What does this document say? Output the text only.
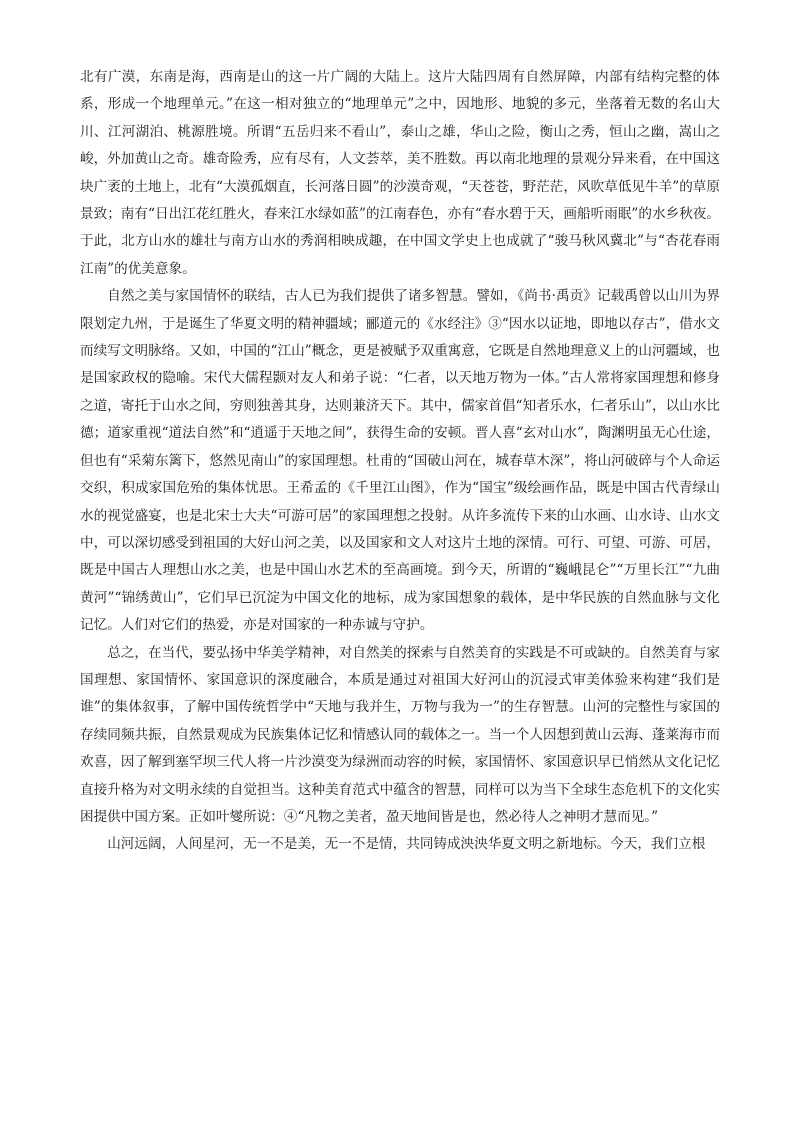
北有广漠，东南是海，西南是山的这一片广阔的大陆上。这片大陆四周有自然屏障，内部有结构完整的体系，形成一个地理单元。”在这一相对独立的“地理单元”之中，因地形、地貌的多元，坐落着无数的名山大川、江河湖泊、桃源胜境。所谓“五岳归来不看山”，泰山之雄，华山之险，衡山之秀，恒山之幽，嵩山之峻，外加黄山之奇。雄奇险秀，应有尽有，人文荟萃，美不胜数。再以南北地理的景观分异来看，在中国这块广袤的土地上，北有“大漠孤烟直，长河落日圆”的沙漠奇观，“天苍苍，野茫茫，风吹草低见牛羊”的草原景致；南有“日出江花红胜火，春来江水绿如蓝”的江南春色，亦有“春水碧于天，画船听雨眠”的水乡秋夜。于此，北方山水的雄壮与南方山水的秀润相映成趣，在中国文学史上也成就了“骏马秋风冀北”与“杏花春雨江南”的优美意象。

自然之美与家国情怀的联结，古人已为我们提供了诸多智慧。譬如，《尚书·禹贡》记载禹曾以山川为界限划定九州，于是诞生了华夏文明的精神疆域；郦道元的《水经注》③“因水以证地，即地以存古”，借水文而续写文明脉络。又如，中国的“江山”概念，更是被赋予双重寓意，它既是自然地理意义上的山河疆域，也是国家政权的隐喻。宋代大儒程颢对友人和弟子说：“仁者，以天地万物为一体。”古人常将家国理想和修身之道，寄托于山水之间，穷则独善其身，达则兼济天下。其中，儒家首倡“知者乐水，仁者乐山”，以山水比德；道家重视“道法自然”和“逍遥于天地之间”，获得生命的安顿。晋人喜“玄对山水”，陶渊明虽无心仕途，但也有“采菊东篱下，悠然见南山”的家国理想。杜甫的“国破山河在，城春草木深”，将山河破碎与个人命运交织，积成家国危殆的集体忧思。王希孟的《千里江山图》，作为“国宝”级绘画作品，既是中国古代青绿山水的视觉盛宴，也是北宋士大夫“可游可居”的家国理想之投射。从许多流传下来的山水画、山水诗、山水文中，可以深切感受到祖国的大好山河之美，以及国家和文人对这片土地的深情。可行、可望、可游、可居，既是中国古人理想山水之美，也是中国山水艺术的至高画境。到今天，所谓的“巍峨昆仑”“万里长江”“九曲黄河”“锦绣黄山”，它们早已沉淀为中国文化的地标，成为家国想象的载体，是中华民族的自然血脉与文化记忆。人们对它们的热爱，亦是对国家的一种赤诚与守护。

总之，在当代，要弘扬中华美学精神，对自然美的探索与自然美育的实践是不可或缺的。自然美育与家国理想、家国情怀、家国意识的深度融合，本质是通过对祖国大好河山的沉浸式审美体验来构建“我们是谁”的集体叙事，了解中国传统哲学中“天地与我并生，万物与我为一”的生存智慧。山河的完整性与家国的存续同频共振，自然景观成为民族集体记忆和情感认同的载体之一。当一个人因想到黄山云海、蓬莱海市而欢喜，因了解到塞罕坝三代人将一片沙漠变为绿洲而动容的时候，家国情怀、家国意识早已悄然从文化记忆直接升格为对文明永续的自觉担当。这种美育范式中蕴含的智慧，同样可以为当下全球生态危机下的文化实困提供中国方案。正如叶燮所说：④“凡物之美者，盈天地间皆是也，然必待人之神明才慧而见。”

山河远阔，人间星河，无一不是美，无一不是情，共同铸成泱泱华夏文明之新地标。今天，我们立根
